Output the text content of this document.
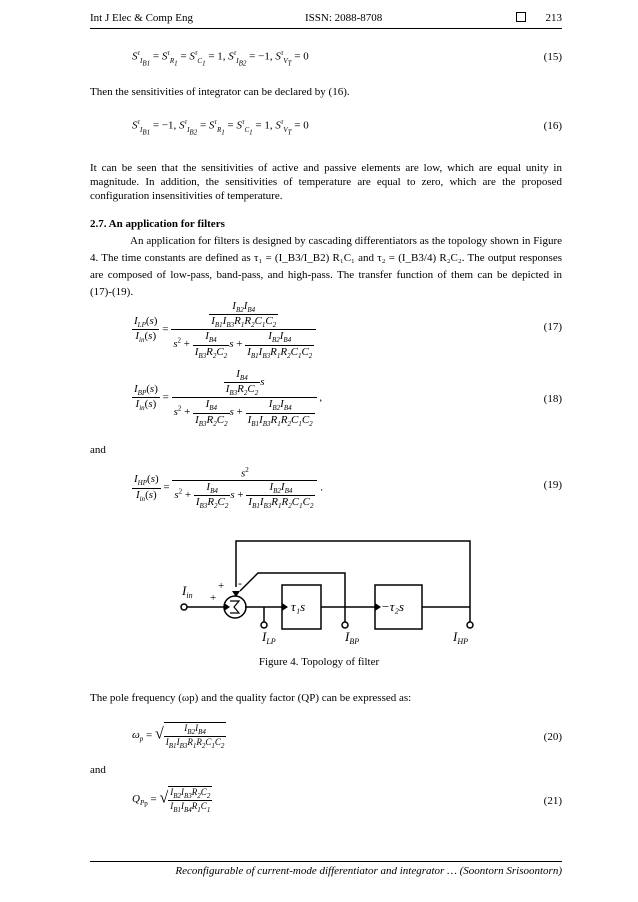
Int J Elec & Comp Eng	ISSN: 2088-8708	213
$S^\tau_{I_{B1}} = S^\tau_{R_1} = S^\tau_{C_1} = 1$, $S^\tau_{I_{B2}} = -1$, $S^\tau_{V_T} = 0$	(15)
Then the sensitivities of integrator can be declared by (16).
$S^\tau_{I_{B1}} = -1$, $S^\tau_{I_{B2}} = S^\tau_{R_1} = S^\tau_{C_1} = 1$, $S^\tau_{V_T} = 0$	(16)
It can be seen that the sensitivities of active and passive elements are low, which are equal unity in magnitude. In addition, the sensitivities of temperature are equal to zero, which are the proposed configuration insensitivities of temperature.
2.7. An application for filters
An application for filters is designed by cascading differentiators as the topology shown in Figure 4. The time constants are defined as τ₁ = (I_B3/I_B2) R₁C₁ and τ₂ = (I_B3/4) R₂C₂. The output responses are composed of low-pass, band-pass, and high-pass. The transfer function of them can be depicted in (17)-(19).
$\frac{I_{LP}(s)}{I_{in}(s)} = \frac{\frac{I_{B2}I_{B4}}{I_{B1}I_{B3}R_1R_2C_1C_2}}{s^2 + \frac{I_{B4}}{I_{B3}R_2C_2} s + \frac{I_{B2}I_{B4}}{I_{B1}I_{B3}R_1R_2C_1C_2}}$	(17)
$\frac{I_{BP}(s)}{I_{in}(s)} = \frac{\frac{I_{B4}}{I_{B3}R_2C_2} s}{s^2 + \frac{I_{B4}}{I_{B3}R_2C_2} s + \frac{I_{B2}I_{B4}}{I_{B1}I_{B3}R_1R_2C_1C_2}}$ ,	(18)
and
$\frac{I_{HP}(s)}{I_{in}(s)} = \frac{s^2}{s^2 + \frac{I_{B4}}{I_{B3}R_2C_2} s + \frac{I_{B2}I_{B4}}{I_{B1}I_{B3}R_1R_2C_1C_2}}$ .	(19)
$I_{in}$ +
+ -
τ₁s	−τ₂s
$I_{LP}$	$I_{BP}$	$I_{HP}$
Figure 4. Topology of filter
The pole frequency (ωp) and the quality factor (QP) can be expressed as:
$\omega_p$ = √ $\frac{I_{B2}I_{B4}}{I_{B1}I_{B3}R_1R_2C_1C_2}$	(20)
and
$Q_{Pp}$ = √ $\frac{I_{B2}I_{B3}R_2C_2}{I_{B1}I_{B4}R_1C_1}$	(21)
Reconfigurable of current-mode differentiator and integrator … (Soontorn Srisoontorn)
